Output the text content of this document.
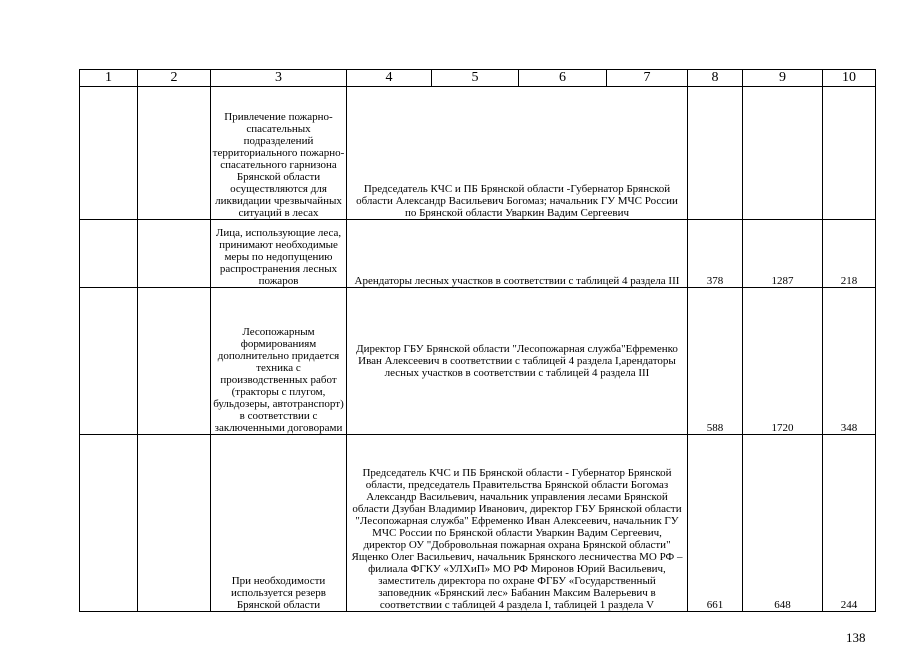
1	2	3	4	5	6	7	8	9	10
		Привлечение пожарно-спасательных подразделений территориального пожарно-спасательного гарнизона Брянской области осуществляются для ликвидации чрезвычайных ситуаций в лесах	Председатель КЧС и ПБ Брянской области -Губернатор Брянской области Александр Васильевич Богомаз; начальник ГУ МЧС России по Брянской области Уваркин Вадим Сергеевич						
		Лица, использующие леса, принимают необходимые меры по недопущению распространения лесных пожаров	Арендаторы лесных участков в соответствии с таблицей 4 раздела III				378	1287	218
		Лесопожарным формированиям дополнительно придается техника с производственных работ (тракторы с плугом, бульдозеры, автотранспорт) в соответствии с заключенными договорами	Директор ГБУ Брянской области "Лесопожарная служба"Ефременко Иван Алексеевич в соответствии с таблицей 4 раздела I,арендаторы лесных участков в соответствии с таблицей 4 раздела III				588	1720	348
		При необходимости используется резерв Брянской области	Председатель КЧС и ПБ Брянской области - Губернатор Брянской области, председатель Правительства Брянской области Богомаз Александр Васильевич, начальник управления лесами Брянской области Дзубан Владимир Иванович, директор ГБУ Брянской области "Лесопожарная служба" Ефременко Иван Алексеевич, начальник ГУ МЧС России по Брянской области Уваркин Вадим Сергеевич, директор ОУ "Добровольная пожарная охрана Брянской области" Ященко Олег Васильевич, начальник Брянского лесничества МО РФ –филиала ФГКУ «УЛХиП» МО РФ Миронов Юрий Васильевич, заместитель директора по охране ФГБУ «Государственный заповедник «Брянский лес» Бабанин Максим Валерьевич в соответствии с таблицей 4 раздела I, таблицей 1 раздела V				661	648	244
138
